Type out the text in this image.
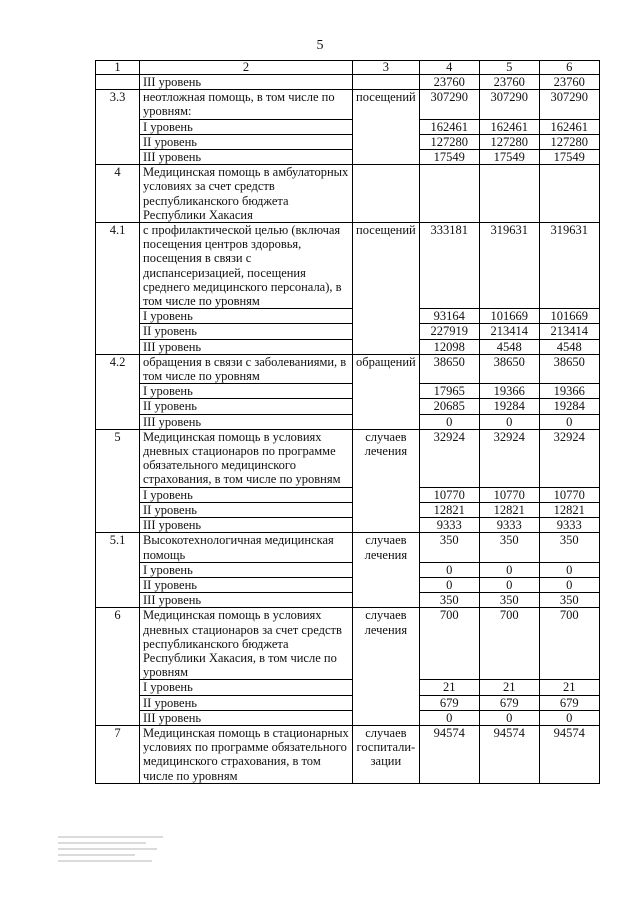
5
1	2	3	4	5	6
	III уровень		23760	23760	23760
3.3	неотложная помощь, в том числе по уровням:	посещений	307290	307290	307290
	I уровень		162461	162461	162461
	II уровень		127280	127280	127280
	III уровень		17549	17549	17549
4	Медицинская помощь в амбулаторных условиях за счет средств республиканского бюджета Республики Хакасия				
4.1	с профилактической целью (включая посещения центров здоровья, посещения в связи с диспансеризацией, посещения среднего медицинского персонала), в том числе по уровням	посещений	333181	319631	319631
	I уровень		93164	101669	101669
	II уровень		227919	213414	213414
	III уровень		12098	4548	4548
4.2	обращения в связи с заболеваниями, в том числе по уровням	обращений	38650	38650	38650
	I уровень		17965	19366	19366
	II уровень		20685	19284	19284
	III уровень		0	0	0
5	Медицинская помощь в условиях дневных стационаров по программе обязательного медицинского страхования, в том числе по уровням	случаев лечения	32924	32924	32924
	I уровень		10770	10770	10770
	II уровень		12821	12821	12821
	III уровень		9333	9333	9333
5.1	Высокотехнологичная медицинская помощь	случаев лечения	350	350	350
	I уровень		0	0	0
	II уровень		0	0	0
	III уровень		350	350	350
6	Медицинская помощь в условиях дневных стационаров за счет средств республиканского бюджета Республики Хакасия, в том числе по уровням	случаев лечения	700	700	700
	I уровень		21	21	21
	II уровень		679	679	679
	III уровень		0	0	0
7	Медицинская помощь в стационарных условиях по программе обязательного медицинского страхования, в том числе по уровням	случаев госпитали-зации	94574	94574	94574
